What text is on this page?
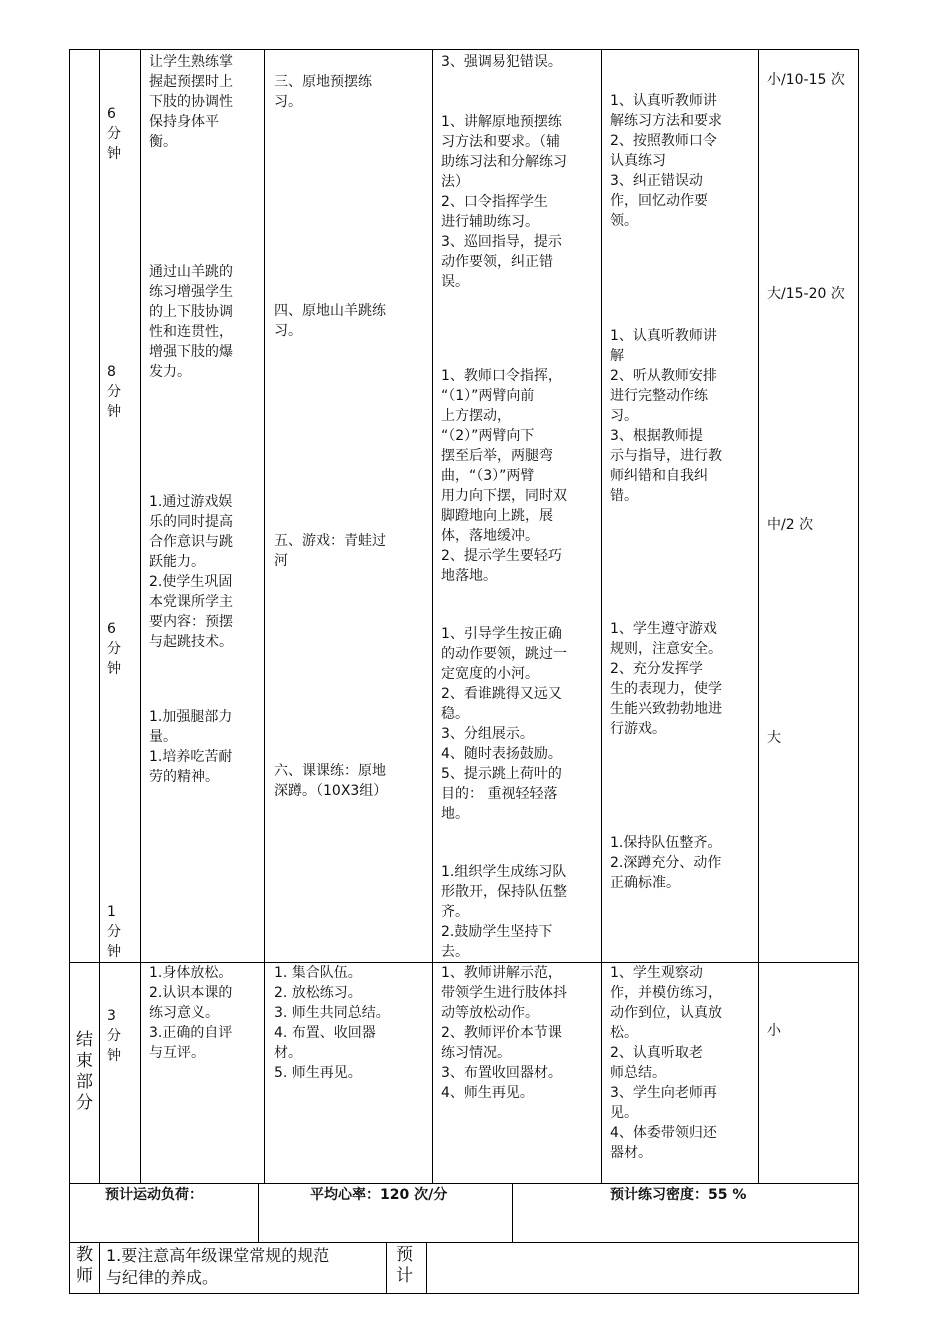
6
分
钟
8
分
钟
6
分
钟
1
分
钟
让学生熟练掌
握起预摆时上
下肢的协调性
保持身体平
衡。
通过山羊跳的
练习增强学生
的上下肢协调
性和连贯性，
增强下肢的爆
发力。
1.通过游戏娱
乐的同时提高
合作意识与跳
跃能力。
2.使学生巩固
本党课所学主
要内容：预摆
与起跳技术。
1.加强腿部力
量。
1.培养吃苦耐
劳的精神。
三、原地预摆练
习。
四、原地山羊跳练
习。
五、游戏：青蛙过
河
六、课课练：原地
深蹲。（10X3组）
3、强调易犯错误。
1、讲解原地预摆练
习方法和要求。（辅
助练习法和分解练习
法）
2、口令指挥学生
进行辅助练习。
3、巡回指导，提示
动作要领，纠正错
误。
1、教师口令指挥，
“（1）”两臂向前
上方摆动，
“（2）”两臂向下
摆至后举，两腿弯
曲，“（3）”两臂
用力向下摆，同时双
脚蹬地向上跳，展
体，落地缓冲。
2、提示学生要轻巧
地落地。
1、引导学生按正确
的动作要领，跳过一
定宽度的小河。
2、看谁跳得又远又
稳。
3、分组展示。
4、随时表扬鼓励。
5、提示跳上荷叶的
目的： 重视轻轻落
地。
1.组织学生成练习队
形散开，保持队伍整
齐。
2.鼓励学生坚持下
去。
1、认真听教师讲
解练习方法和要求
2、按照教师口令
认真练习
3、纠正错误动
作，回忆动作要
领。
1、认真听教师讲
解
2、听从教师安排
进行完整动作练
习。
3、根据教师提
示与指导，进行教
师纠错和自我纠
错。
1、学生遵守游戏
规则，注意安全。
2、充分发挥学
生的表现力，使学
生能兴致勃勃地进
行游戏。
1.保持队伍整齐。
2.深蹲充分、动作
正确标准。
小/10-15 次
大/15-20 次
中/2 次
大
结
束
部
分
3
分
钟
1.身体放松。
2.认识本课的
练习意义。
3.正确的自评
与互评。
1. 集合队伍。
2. 放松练习。
3. 师生共同总结。
4. 布置、收回器
材。
5. 师生再见。
1、教师讲解示范，
带领学生进行肢体抖
动等放松动作。
2、教师评价本节课
练习情况。
3、布置收回器材。
4、师生再见。
1、学生观察动
作，并模仿练习，
动作到位，认真放
松。
2、认真听取老
师总结。
3、学生向老师再
见。
4、体委带领归还
器材。
小
预计运动负荷：	平均心率：120 次/分	预计练习密度：55 %
教
师
1.要注意高年级课堂常规的规范
与纪律的养成。
预
计
